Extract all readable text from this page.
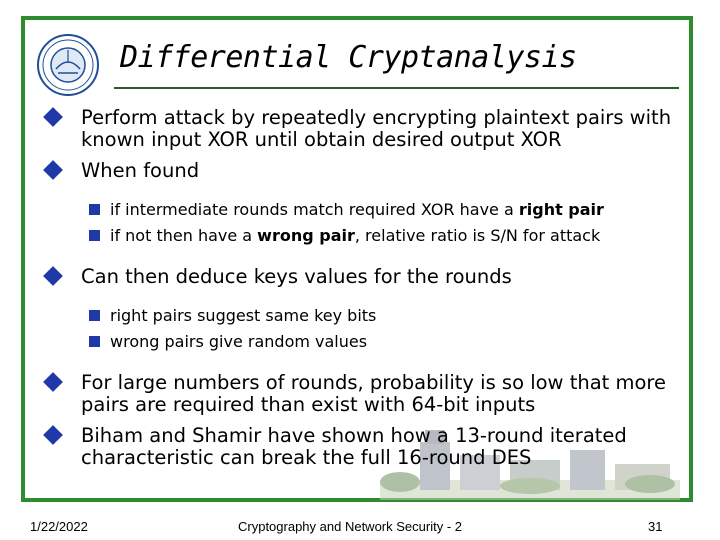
Differential Cryptanalysis
Perform attack by repeatedly encrypting plaintext pairs with known input XOR until obtain desired output XOR
When found
if intermediate rounds match required XOR have a right pair
if not then have a wrong pair, relative ratio is S/N for attack
Can then deduce keys values for the rounds
right pairs suggest same key bits
wrong pairs give random values
For large numbers of rounds, probability is so low that more pairs are required than exist with 64-bit inputs
Biham and Shamir have shown how a 13-round iterated characteristic can break the full 16-round DES
1/22/2022	Cryptography and Network Security - 2	31
